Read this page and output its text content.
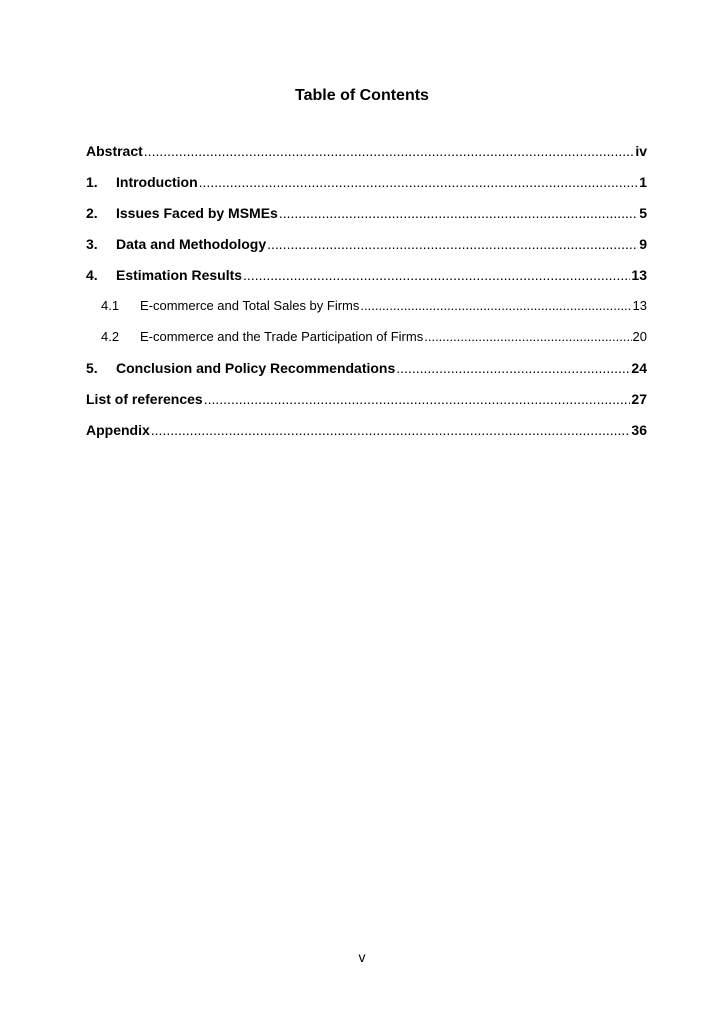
Table of Contents
Abstract .....	iv
1.	Introduction .....	1
2.	Issues Faced by MSMEs .....	5
3.	Data and Methodology .....	9
4.	Estimation Results .....	13
4.1	E-commerce and Total Sales by Firms .....	13
4.2	E-commerce and the Trade Participation of Firms .....	20
5.	Conclusion and Policy Recommendations .....	24
List of references .....	27
Appendix .....	36
v
